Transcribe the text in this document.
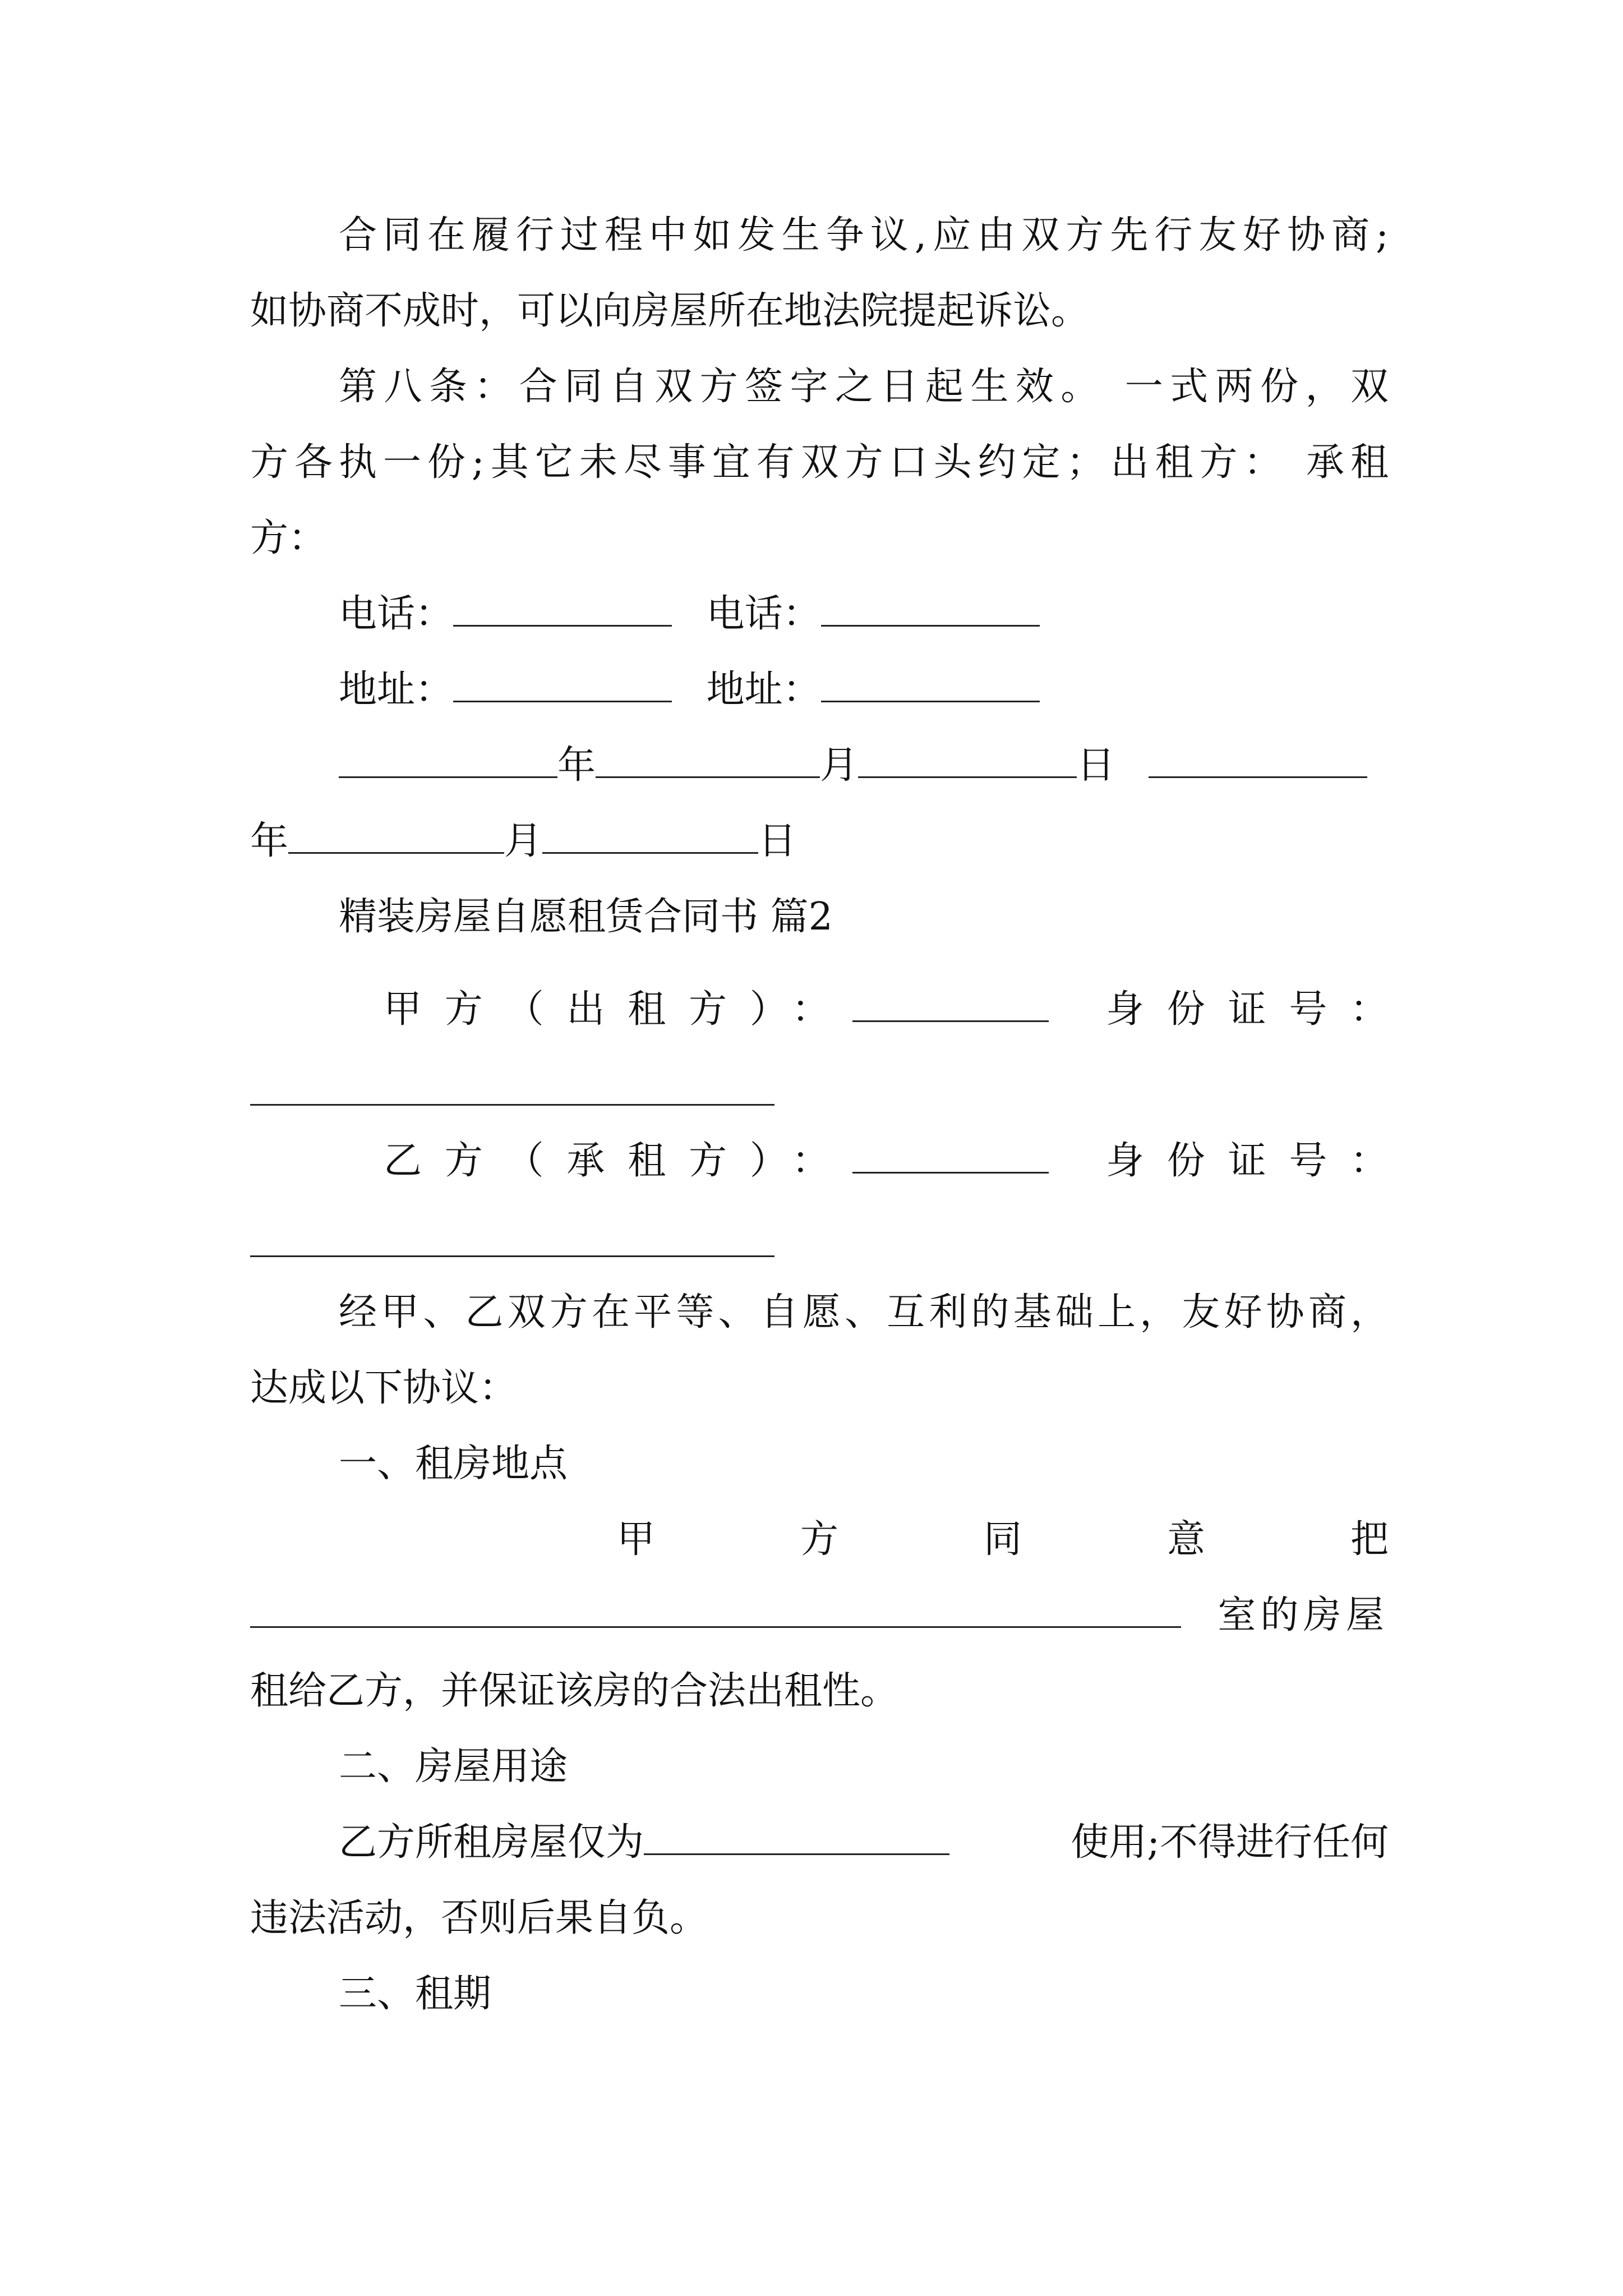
合同在履行过程中如发生争议,应由双方先行友好协商;
如协商不成时，可以向房屋所在地法院提起诉讼。
第八条：合同自双方签字之日起生效。 一式两份，双
方各执一份;其它未尽事宜有双方口头约定；出租方： 承租
方：
电话：	电话：
地址：	地址：
年	月	日
年	月	日
精装房屋自愿租赁合同书 篇2
甲方（出租方）：	身份证号：
乙方（承租方）：	身份证号：
经甲、乙双方在平等、自愿、互利的基础上，友好协商，
达成以下协议：
一、租房地点
甲方同意把
室的房屋
租给乙方，并保证该房的合法出租性。
二、房屋用途
乙方所租房屋仅为	使用;不得进行任何
违法活动，否则后果自负。
三、租期
